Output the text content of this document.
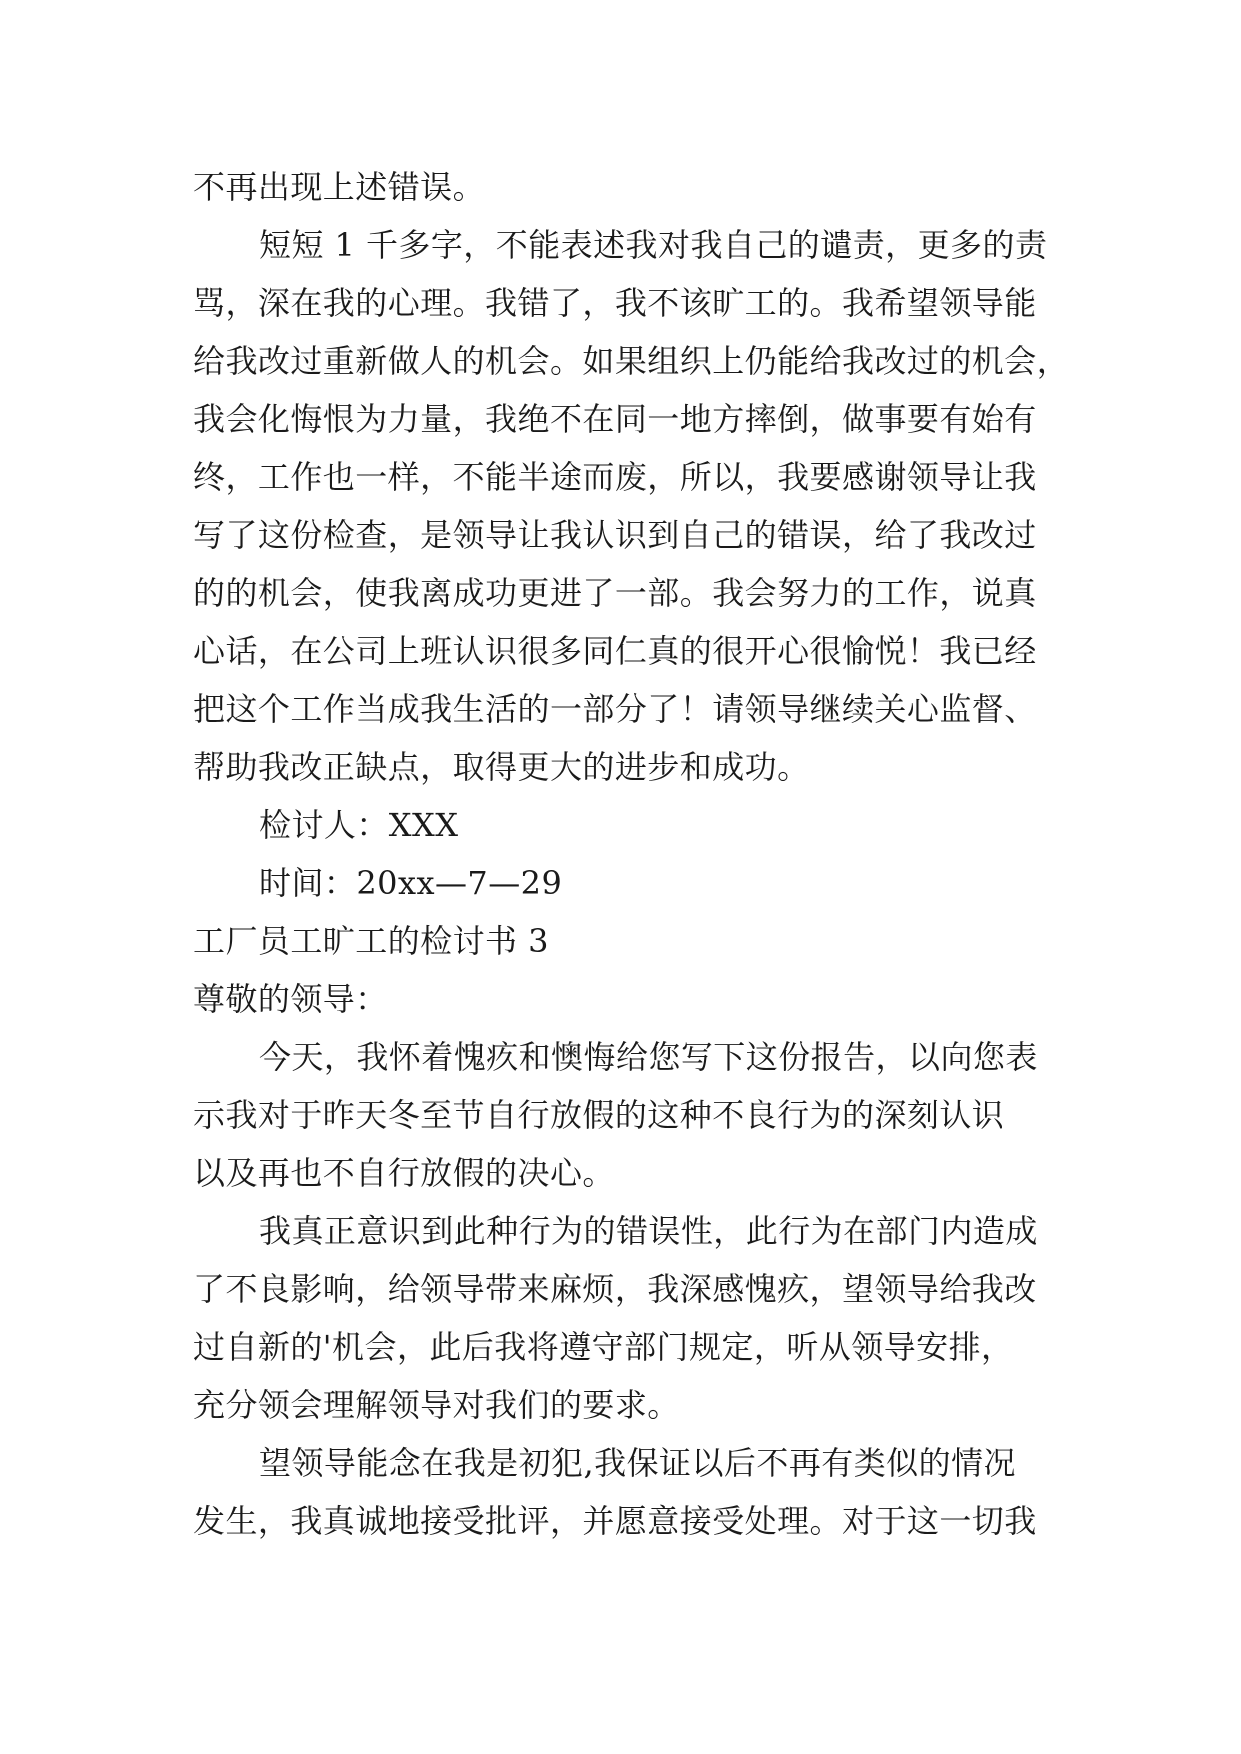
不再出现上述错误。
短短 1 千多字，不能表述我对我自己的谴责，更多的责
骂，深在我的心理。我错了，我不该旷工的。我希望领导能
给我改过重新做人的机会。如果组织上仍能给我改过的机会，
我会化悔恨为力量，我绝不在同一地方摔倒，做事要有始有
终，工作也一样，不能半途而废，所以，我要感谢领导让我
写了这份检查，是领导让我认识到自己的错误，给了我改过
的的机会，使我离成功更进了一部。我会努力的工作，说真
心话，在公司上班认识很多同仁真的很开心很愉悦！我已经
把这个工作当成我生活的一部分了！请领导继续关心监督、
帮助我改正缺点，取得更大的进步和成功。
检讨人：XXX
时间：20xx—7—29
工厂员工旷工的检讨书 3
尊敬的领导：
今天，我怀着愧疚和懊悔给您写下这份报告，以向您表
示我对于昨天冬至节自行放假的这种不良行为的深刻认识
以及再也不自行放假的决心。
我真正意识到此种行为的错误性，此行为在部门内造成
了不良影响，给领导带来麻烦，我深感愧疚，望领导给我改
过自新的'机会，此后我将遵守部门规定，听从领导安排，
充分领会理解领导对我们的要求。
望领导能念在我是初犯,我保证以后不再有类似的情况
发生，我真诚地接受批评，并愿意接受处理。对于这一切我
